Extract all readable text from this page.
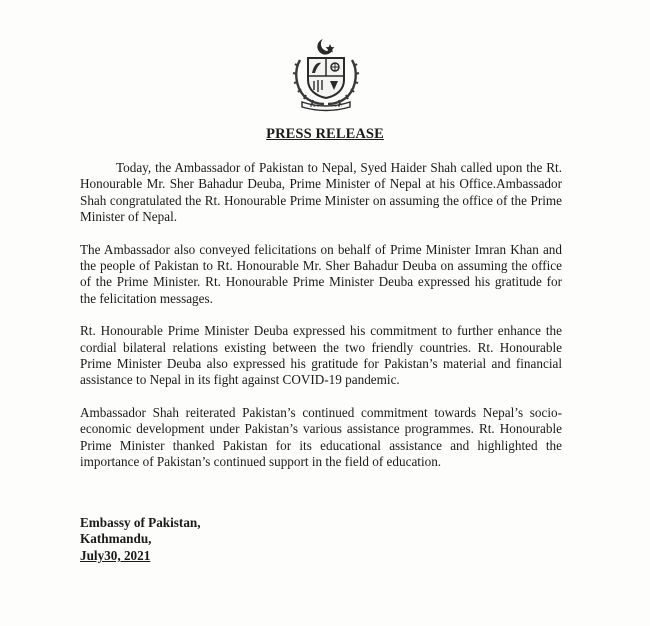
PRESS RELEASE

Today, the Ambassador of Pakistan to Nepal, Syed Haider Shah called upon the Rt. Honourable Mr. Sher Bahadur Deuba, Prime Minister of Nepal at his Office.Ambassador Shah congratulated the Rt. Honourable Prime Minister on assuming the office of the Prime Minister of Nepal.

The Ambassador also conveyed felicitations on behalf of Prime Minister Imran Khan and the people of Pakistan to Rt. Honourable Mr. Sher Bahadur Deuba on assuming the office of the Prime Minister. Rt. Honourable Prime Minister Deuba expressed his gratitude for the felicitation messages.

Rt. Honourable Prime Minister Deuba expressed his commitment to further enhance the cordial bilateral relations existing between the two friendly countries. Rt. Honourable Prime Minister Deuba also expressed his gratitude for Pakistan’s material and financial assistance to Nepal in its fight against COVID-19 pandemic.

Ambassador Shah reiterated Pakistan’s continued commitment towards Nepal’s socio-economic development under Pakistan’s various assistance programmes. Rt. Honourable Prime Minister thanked Pakistan for its educational assistance and highlighted the importance of Pakistan’s continued support in the field of education.

Embassy of Pakistan,
Kathmandu,
July30, 2021
